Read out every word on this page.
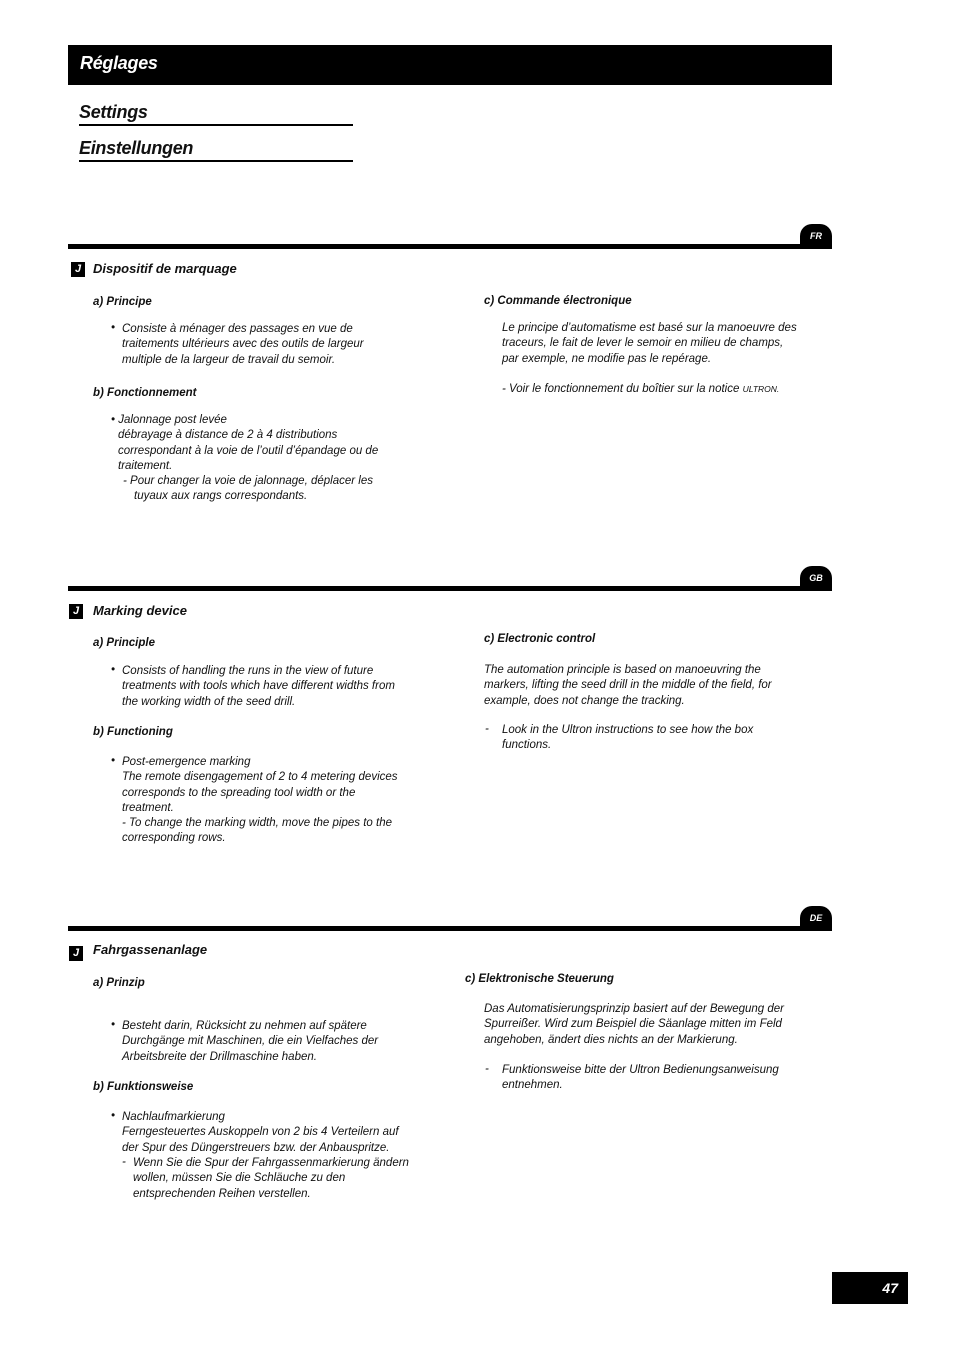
Réglages
Settings
Einstellungen
FR
J Dispositif de marquage
a) Principe
• Consiste à ménager des passages en vue de
traitements ultérieurs avec des outils de largeur
multiple de la largeur de travail du semoir.
b) Fonctionnement
• Jalonnage post levée
débrayage à distance de 2 à 4 distributions
correspondant à la voie de l’outil d’épandage ou de
traitement.
- Pour changer la voie de jalonnage, déplacer les
tuyaux aux rangs correspondants.
c) Commande électronique
Le principe d’automatisme est basé sur la manoeuvre des
traceurs, le fait de lever le semoir en milieu de champs,
par exemple, ne modifie pas le repérage.
- Voir le fonctionnement du boîtier sur la notice ULTRON.
GB
J	Marking device
a) Principle
• Consists of handling the runs in the view of future
treatments with tools which have different widths from
the working width of the seed drill.
b) Functioning
• Post-emergence marking
The remote disengagement of 2 to 4 metering devices
corresponds to the spreading tool width or the
treatment.
- To change the marking width, move the pipes to the
corresponding rows.
c) Electronic control
The automation principle is based on manoeuvring the
markers, lifting the seed drill in the middle of the field, for
example, does not change the tracking.
- Look in the Ultron instructions to see how the box
functions.
DE
J	Fahrgassenanlage
a) Prinzip
• Besteht darin, Rücksicht zu nehmen auf spätere
Durchgänge mit Maschinen, die ein Vielfaches der
Arbeitsbreite der Drillmaschine haben.
b) Funktionsweise
• Nachlaufmarkierung
Ferngesteuertes Auskoppeln von 2 bis 4 Verteilern auf
der Spur des Düngerstreuers bzw. der Anbauspritze.
- Wenn Sie die Spur der Fahrgassenmarkierung ändern
wollen, müssen Sie die Schläuche zu den
entsprechenden Reihen verstellen.
c) Elektronische Steuerung
Das Automatisierungsprinzip basiert auf der Bewegung der
Spurreißer. Wird zum Beispiel die Säanlage mitten im Feld
angehoben, ändert dies nichts an der Markierung.
- Funktionsweise bitte der Ultron Bedienungsanweisung
entnehmen.
47
